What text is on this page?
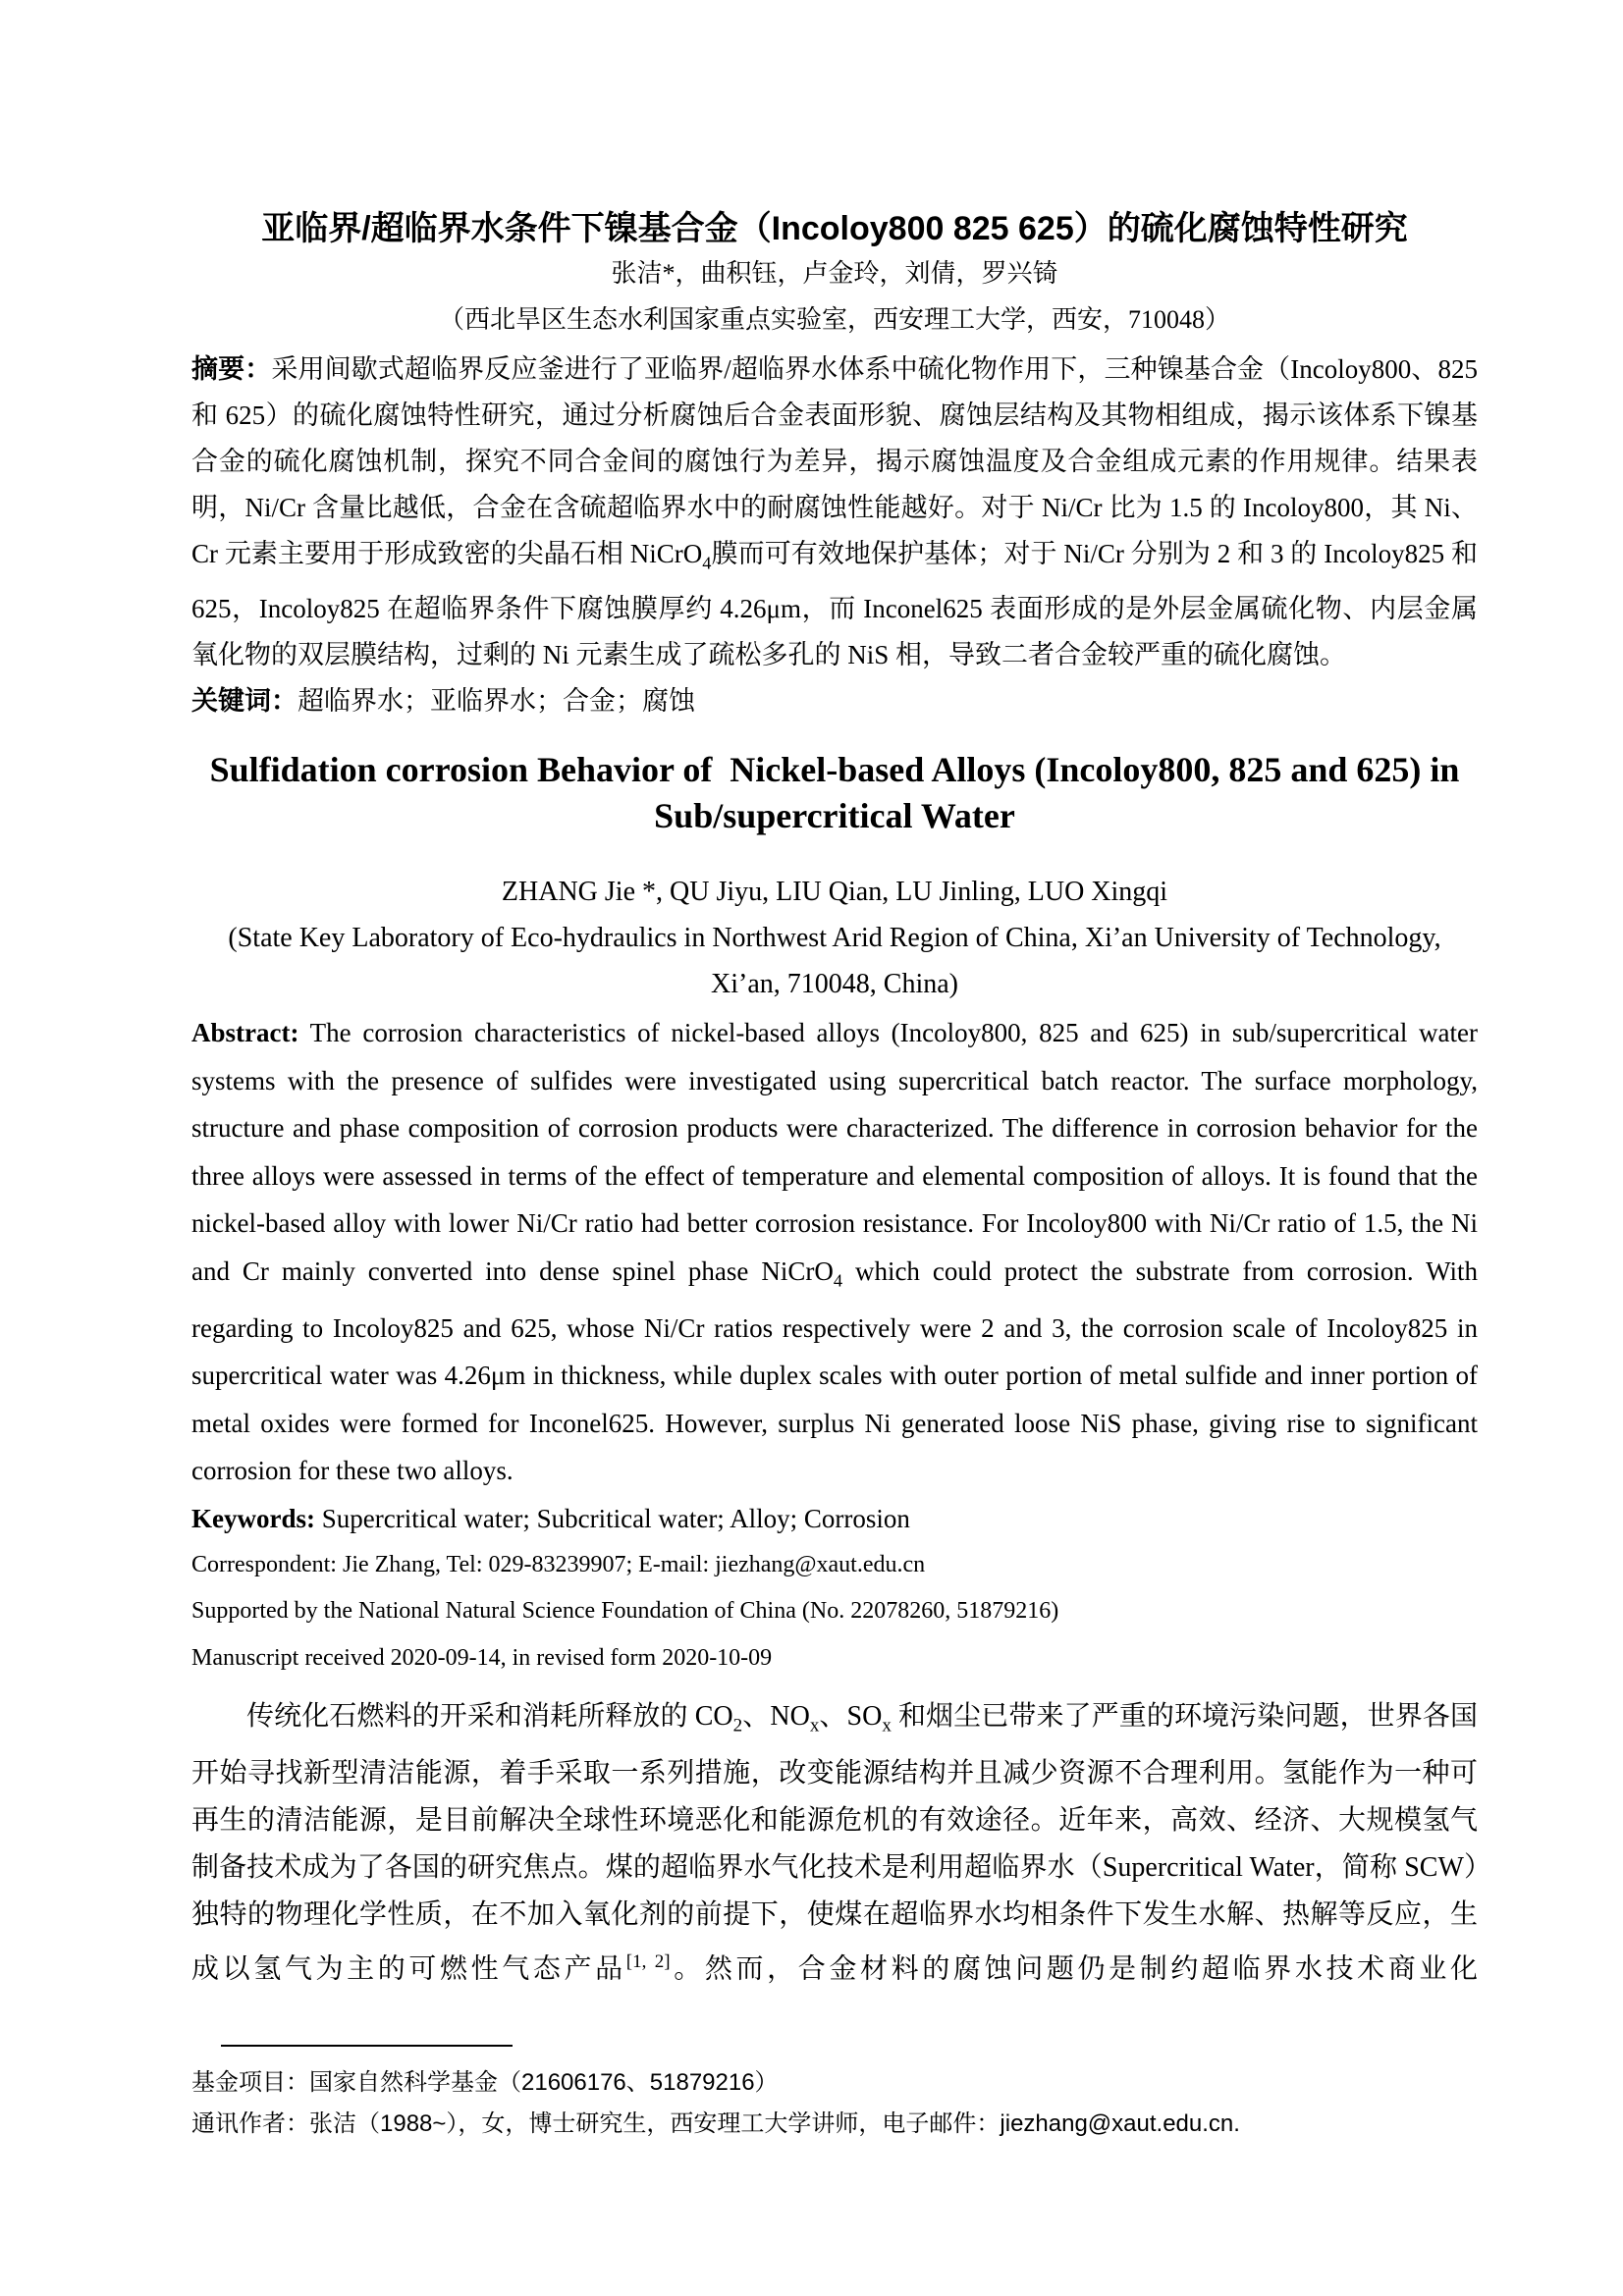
亚临界/超临界水条件下镍基合金（Incoloy800 825 625）的硫化腐蚀特性研究
张洁*，曲积钰，卢金玲，刘倩，罗兴锜
（西北旱区生态水利国家重点实验室，西安理工大学，西安，710048）
摘要：采用间歇式超临界反应釜进行了亚临界/超临界水体系中硫化物作用下，三种镍基合金（Incoloy800、825 和 625）的硫化腐蚀特性研究，通过分析腐蚀后合金表面形貌、腐蚀层结构及其物相组成，揭示该体系下镍基合金的硫化腐蚀机制，探究不同合金间的腐蚀行为差异，揭示腐蚀温度及合金组成元素的作用规律。结果表明，Ni/Cr 含量比越低，合金在含硫超临界水中的耐腐蚀性能越好。对于 Ni/Cr 比为 1.5 的 Incoloy800，其 Ni、Cr 元素主要用于形成致密的尖晶石相 NiCrO$_4$膜而可有效地保护基体；对于 Ni/Cr 分别为 2 和 3 的 Incoloy825 和 625，Incoloy825 在超临界条件下腐蚀膜厚约 4.26μm，而 Inconel625 表面形成的是外层金属硫化物、内层金属氧化物的双层膜结构，过剩的 Ni 元素生成了疏松多孔的 NiS 相，导致二者合金较严重的硫化腐蚀。
关键词：超临界水；亚临界水；合金；腐蚀
Sulfidation corrosion Behavior of  Nickel-based Alloys (Incoloy800, 825 and 625) in Sub/supercritical Water
ZHANG Jie *, QU Jiyu, LIU Qian, LU Jinling, LUO Xingqi
(State Key Laboratory of Eco-hydraulics in Northwest Arid Region of China, Xi’an University of Technology, Xi’an, 710048, China)
Abstract: The corrosion characteristics of nickel-based alloys (Incoloy800, 825 and 625) in sub/supercritical water systems with the presence of sulfides were investigated using supercritical batch reactor. The surface morphology, structure and phase composition of corrosion products were characterized. The difference in corrosion behavior for the three alloys were assessed in terms of the effect of temperature and elemental composition of alloys. It is found that the nickel-based alloy with lower Ni/Cr ratio had better corrosion resistance. For Incoloy800 with Ni/Cr ratio of 1.5, the Ni and Cr mainly converted into dense spinel phase NiCrO$_4$ which could protect the substrate from corrosion. With regarding to Incoloy825 and 625, whose Ni/Cr ratios respectively were 2 and 3, the corrosion scale of Incoloy825 in supercritical water was 4.26μm in thickness, while duplex scales with outer portion of metal sulfide and inner portion of metal oxides were formed for Inconel625. However, surplus Ni generated loose NiS phase, giving rise to significant corrosion for these two alloys.
Keywords: Supercritical water; Subcritical water; Alloy; Corrosion
Correspondent: Jie Zhang, Tel: 029-83239907; E-mail: jiezhang@xaut.edu.cn
Supported by the National Natural Science Foundation of China (No. 22078260, 51879216)
Manuscript received 2020-09-14, in revised form 2020-10-09
传统化石燃料的开采和消耗所释放的 $CO_2$、$NO_x$、$SO_x$ 和烟尘已带来了严重的环境污染问题，世界各国开始寻找新型清洁能源，着手采取一系列措施，改变能源结构并且减少资源不合理利用。氢能作为一种可再生的清洁能源，是目前解决全球性环境恶化和能源危机的有效途径。近年来，高效、经济、大规模氢气制备技术成为了各国的研究焦点。煤的超临界水气化技术是利用超临界水（Supercritical Water，简称 SCW）独特的物理化学性质，在不加入氧化剂的前提下，使煤在超临界水均相条件下发生水解、热解等反应，生成以氢气为主的可燃性气态产品[1, 2]。然而，合金材料的腐蚀问题仍是制约超临界水技术商业化
基金项目：国家自然科学基金（21606176、51879216）
通讯作者：张洁（1988~），女，博士研究生，西安理工大学讲师，电子邮件：jiezhang@xaut.edu.cn.
